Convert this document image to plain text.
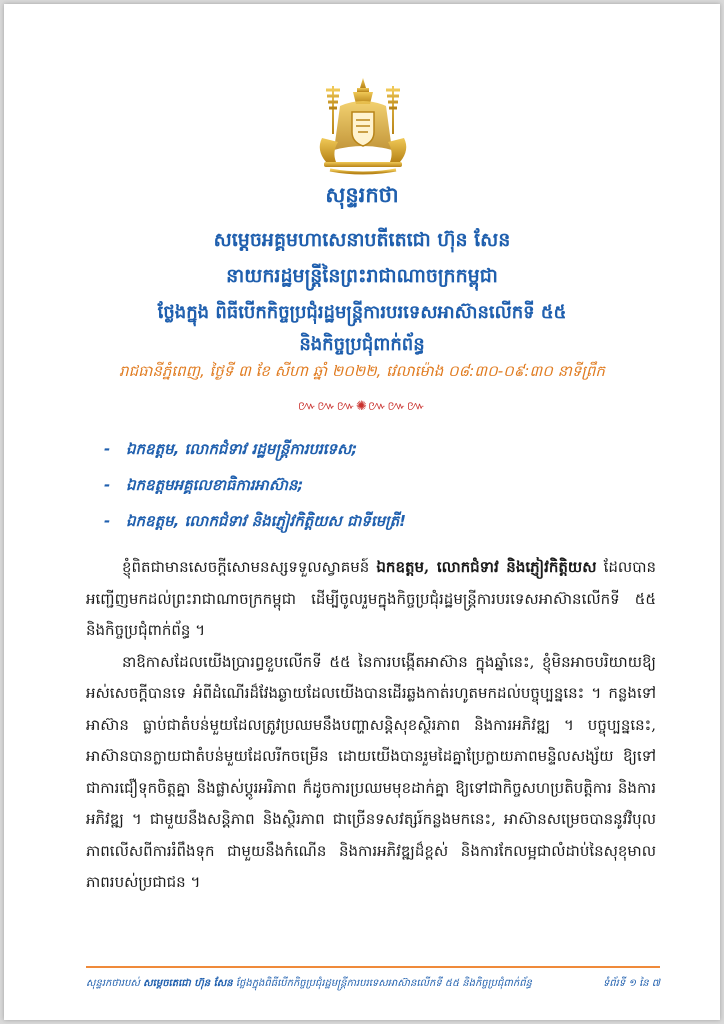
សុន្ទរកថា
សម្តេចអគ្គមហាសេនាបតីតេជោ ហ៊ុន សែន
នាយករដ្ឋមន្ត្រីនៃព្រះរាជាណាចក្រកម្ពុជា
ថ្លែងក្នុង ពិធីបើកកិច្ចប្រជុំរដ្ឋមន្ត្រីការបរទេសអាស៊ានលើកទី ៥៥
និងកិច្ចប្រជុំពាក់ព័ន្ធ
រាជធានីភ្នំពេញ, ថ្ងៃទី ៣ ខែ សីហា ឆ្នាំ ២០២២, វេលាម៉ោង ០៨:៣០-០៩:៣០ នាទីព្រឹក
៚៚៚✺៚៚៚
- ឯកឧត្តម, លោកជំទាវ រដ្ឋមន្ត្រីការបរទេស;
- ឯកឧត្តមអគ្គលេខាធិការអាស៊ាន;
- ឯកឧត្តម, លោកជំទាវ និងភ្ញៀវកិត្តិយស ជាទីមេត្រី!

ខ្ញុំពិតជាមានសេចក្តីសោមនស្សទទួលស្វាគមន៍ ឯកឧត្តម, លោកជំទាវ និងភ្ញៀវកិត្តិយស ដែលបានអញ្ជើញមកដល់ព្រះរាជាណាចក្រកម្ពុជា ដើម្បីចូលរួមក្នុងកិច្ចប្រជុំរដ្ឋមន្ត្រីការបរទេសអាស៊ានលើកទី ៥៥ និងកិច្ចប្រជុំពាក់ព័ន្ធ ។

នាឱកាសដែលយើងប្រារព្ធខួបលើកទី ៥៥ នៃការបង្កើតអាស៊ាន ក្នុងឆ្នាំនេះ, ខ្ញុំមិនអាចបរិយាយឱ្យអស់សេចក្តីបានទេ អំពីដំណើរដ៏វែងឆ្ងាយដែលយើងបានដើរឆ្លងកាត់រហូតមកដល់បច្ចុប្បន្ននេះ ។ កន្លងទៅ អាស៊ាន ធ្លាប់ជាតំបន់មួយដែលត្រូវប្រឈមនឹងបញ្ហាសន្តិសុខស្ថិរភាព និងការអភិវឌ្ឍ ។ បច្ចុប្បន្ននេះ, អាស៊ានបានក្លាយជាតំបន់មួយដែលរីកចម្រើន ដោយយើងបានរួមដៃគ្នាប្រែក្លាយភាពមន្ទិលសង្ស័យ ឱ្យទៅជាការជឿទុកចិត្តគ្នា និងផ្លាស់ប្តូរអរិភាព ក៏ដូចការប្រឈមមុខដាក់គ្នា ឱ្យទៅជាកិច្ចសហប្រតិបត្តិការ និងការអភិវឌ្ឍ ។ ជាមួយនឹងសន្តិភាព និងស្ថិរភាព ជាច្រើនទសវត្សរ៍កន្លងមកនេះ, អាស៊ានសម្រេចបាននូវវិបុលភាពលើសពីការរំពឹងទុក ជាមួយនឹងកំណើន និងការអភិវឌ្ឍដ៏ខ្ពស់ និងការកែលម្អជាលំដាប់នៃសុខុមាលភាពរបស់ប្រជាជន ។

សុន្ទរកថារបស់ សម្តេចតេជោ ហ៊ុន សែន ថ្លែងក្នុងពិធីបើកកិច្ចប្រជុំរដ្ឋមន្ត្រីការបរទេសអាស៊ានលើកទី ៥៥ និងកិច្ចប្រជុំពាក់ព័ន្ធ	ទំព័រទី ១ នៃ ៧
